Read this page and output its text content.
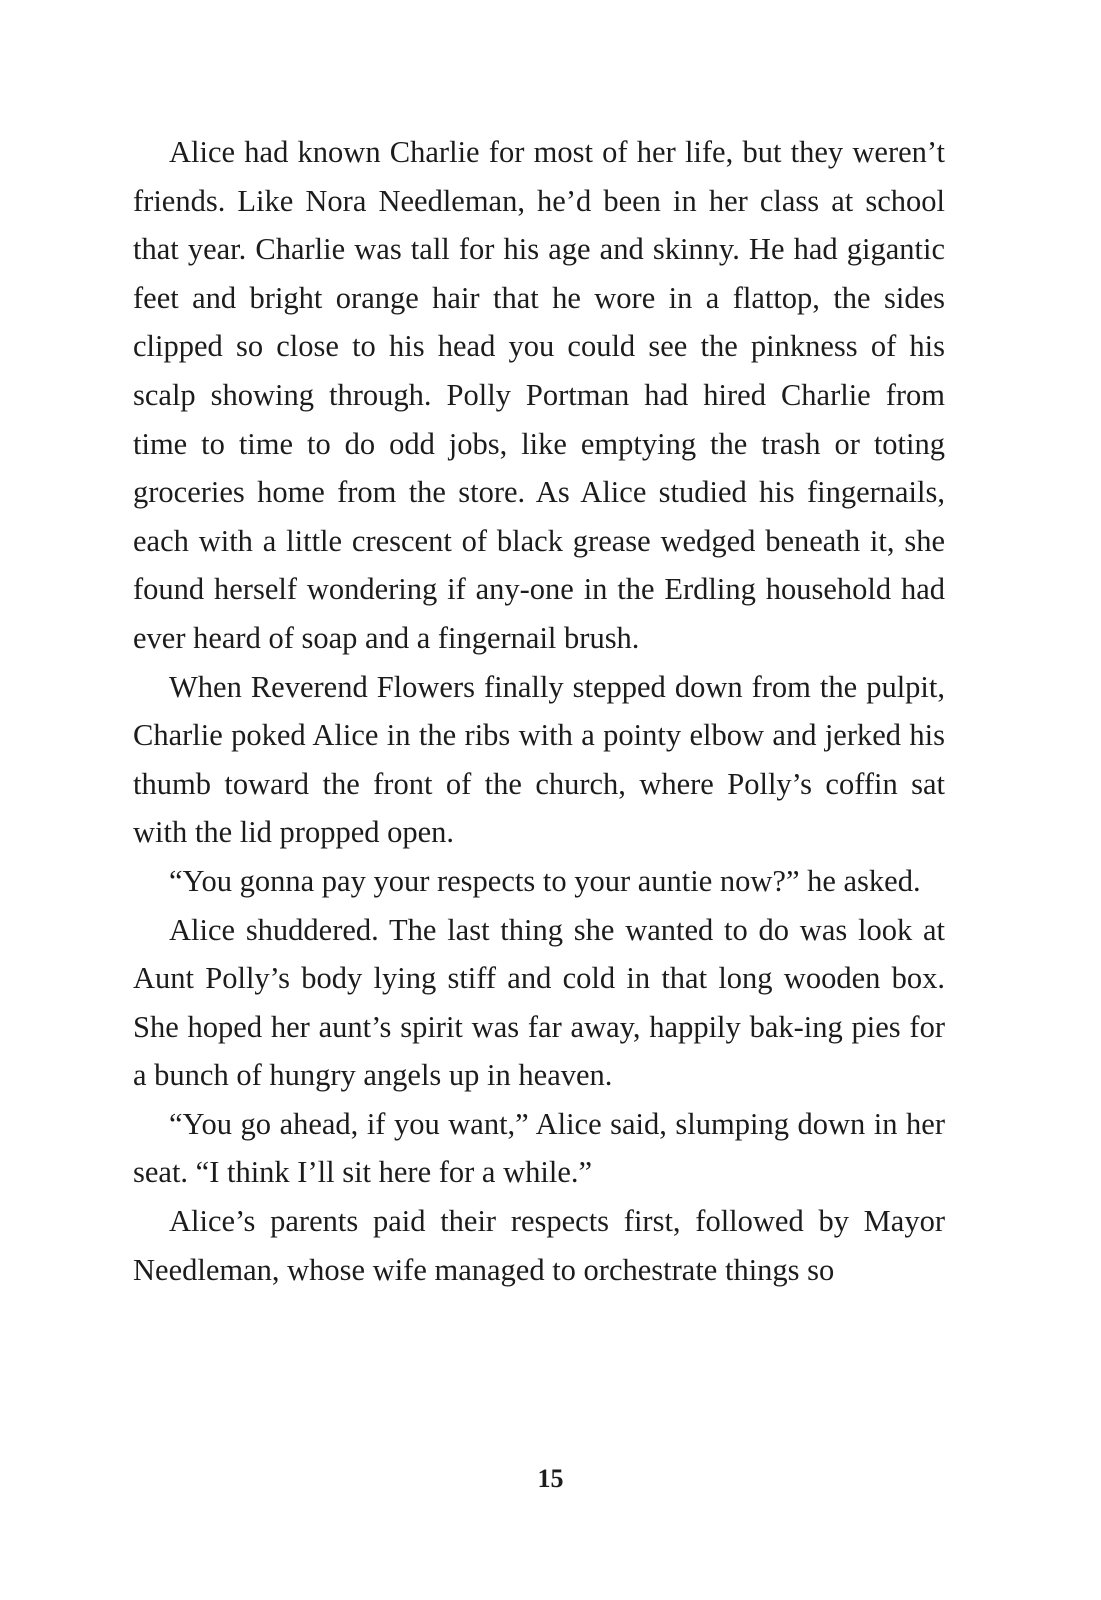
Alice had known Charlie for most of her life, but they weren’t friends. Like Nora Needleman, he’d been in her class at school that year. Charlie was tall for his age and skinny. He had gigantic feet and bright orange hair that he wore in a flattop, the sides clipped so close to his head you could see the pinkness of his scalp showing through. Polly Portman had hired Charlie from time to time to do odd jobs, like emptying the trash or toting groceries home from the store. As Alice studied his fingernails, each with a little crescent of black grease wedged beneath it, she found herself wondering if any-one in the Erdling household had ever heard of soap and a fingernail brush.

When Reverend Flowers finally stepped down from the pulpit, Charlie poked Alice in the ribs with a pointy elbow and jerked his thumb toward the front of the church, where Polly’s coffin sat with the lid propped open.

“You gonna pay your respects to your auntie now?” he asked.

Alice shuddered. The last thing she wanted to do was look at Aunt Polly’s body lying stiff and cold in that long wooden box. She hoped her aunt’s spirit was far away, happily bak-ing pies for a bunch of hungry angels up in heaven.

“You go ahead, if you want,” Alice said, slumping down in her seat. “I think I’ll sit here for a while.”

Alice’s parents paid their respects first, followed by Mayor Needleman, whose wife managed to orchestrate things so

15
